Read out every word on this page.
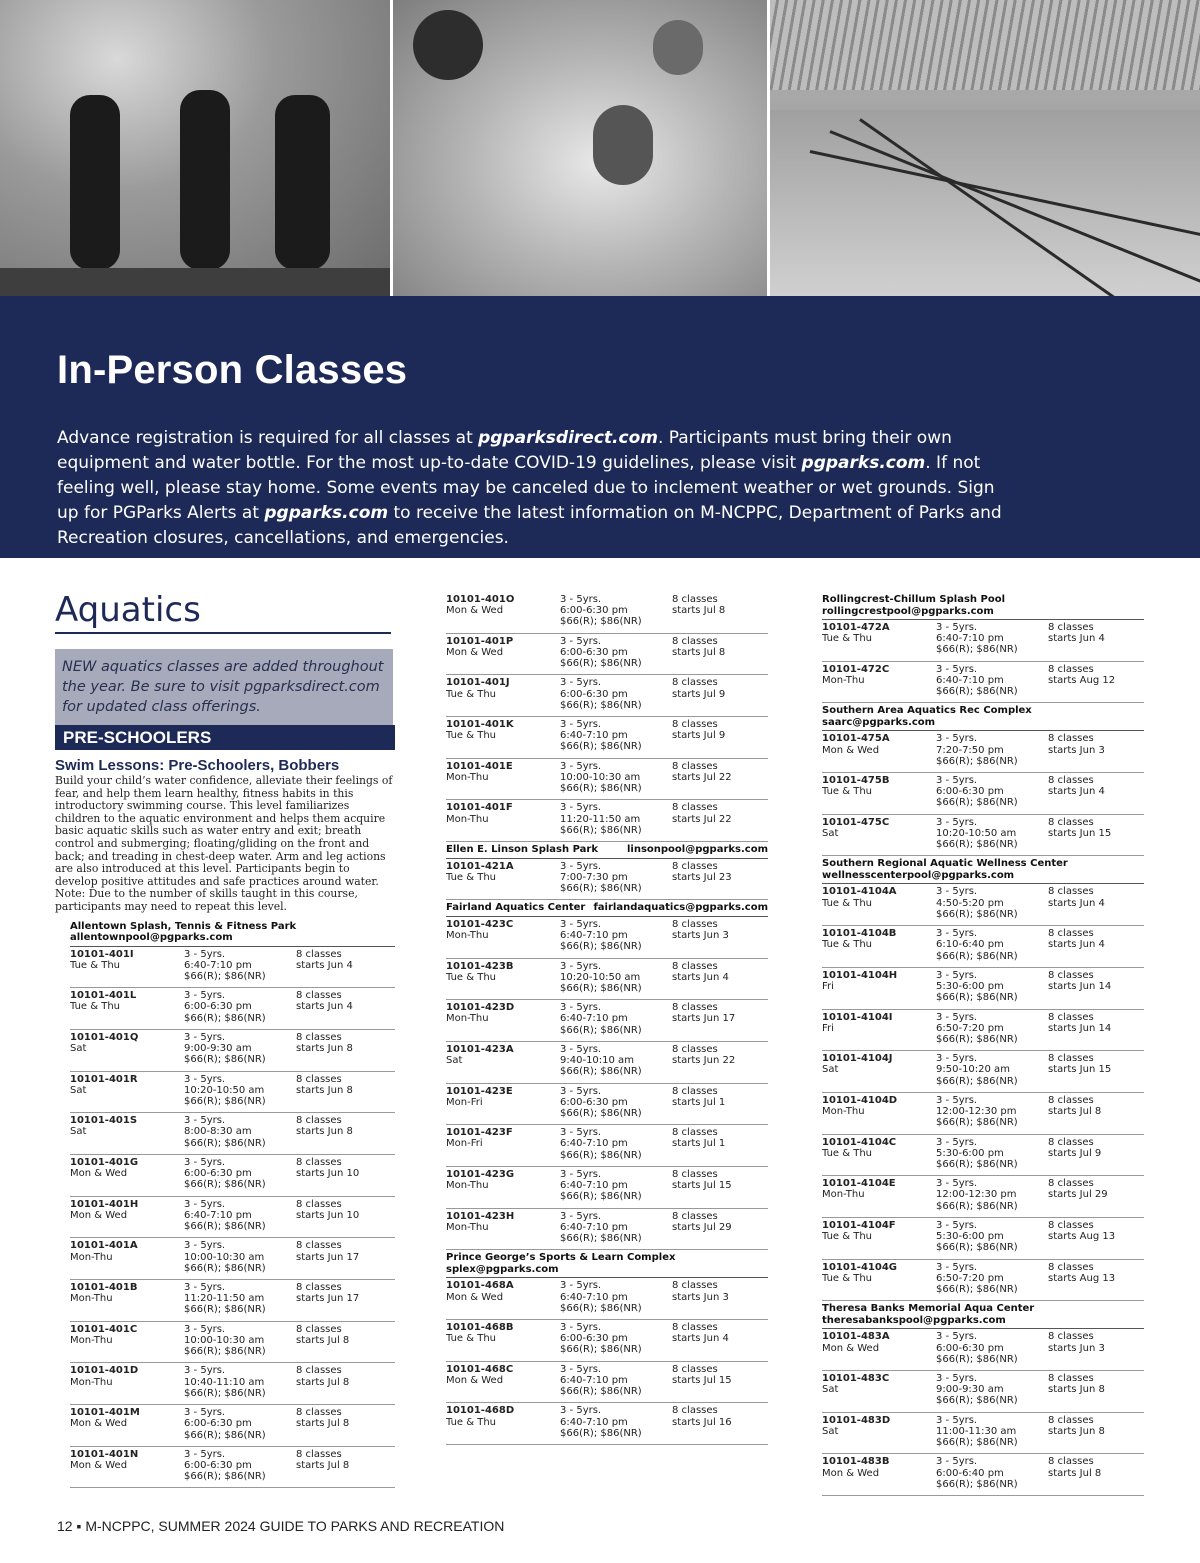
In-Person Classes

Advance registration is required for all classes at pgparksdirect.com. Participants must bring their own equipment and water bottle. For the most up-to-date COVID-19 guidelines, please visit pgparks.com. If not feeling well, please stay home. Some events may be canceled due to inclement weather or wet grounds. Sign up for PGParks Alerts at pgparks.com to receive the latest information on M-NCPPC, Department of Parks and Recreation closures, cancellations, and emergencies.

Aquatics
NEW aquatics classes are added throughout the year. Be sure to visit pgparksdirect.com for updated class offerings.
PRE-SCHOOLERS
Swim Lessons: Pre-Schoolers, Bobbers
Build your child’s water confidence, alleviate their feelings of fear, and help them learn healthy, fitness habits in this introductory swimming course. This level familiarizes children to the aquatic environment and helps them acquire basic aquatic skills such as water entry and exit; breath control and submerging; floating/gliding on the front and back; and treading in chest-deep water. Arm and leg actions are also introduced at this level. Participants begin to develop positive attitudes and safe practices around water. Note: Due to the number of skills taught in this course, participants may need to repeat this level.
Allentown Splash, Tennis & Fitness Park
allentownpool@pgparks.com
10101-401I
Tue & Thu
3 - 5yrs.
6:40-7:10 pm
$66(R); $86(NR)
8 classes
starts Jun 4
10101-401L
Tue & Thu
3 - 5yrs.
6:00-6:30 pm
$66(R); $86(NR)
8 classes
starts Jun 4
10101-401Q
Sat
3 - 5yrs.
9:00-9:30 am
$66(R); $86(NR)
8 classes
starts Jun 8
10101-401R
Sat
3 - 5yrs.
10:20-10:50 am
$66(R); $86(NR)
8 classes
starts Jun 8
10101-401S
Sat
3 - 5yrs.
8:00-8:30 am
$66(R); $86(NR)
8 classes
starts Jun 8
10101-401G
Mon & Wed
3 - 5yrs.
6:00-6:30 pm
$66(R); $86(NR)
8 classes
starts Jun 10
10101-401H
Mon & Wed
3 - 5yrs.
6:40-7:10 pm
$66(R); $86(NR)
8 classes
starts Jun 10
10101-401A
Mon-Thu
3 - 5yrs.
10:00-10:30 am
$66(R); $86(NR)
8 classes
starts Jun 17
10101-401B
Mon-Thu
3 - 5yrs.
11:20-11:50 am
$66(R); $86(NR)
8 classes
starts Jun 17
10101-401C
Mon-Thu
3 - 5yrs.
10:00-10:30 am
$66(R); $86(NR)
8 classes
starts Jul 8
10101-401D
Mon-Thu
3 - 5yrs.
10:40-11:10 am
$66(R); $86(NR)
8 classes
starts Jul 8
10101-401M
Mon & Wed
3 - 5yrs.
6:00-6:30 pm
$66(R); $86(NR)
8 classes
starts Jul 8
10101-401N
Mon & Wed
3 - 5yrs.
6:00-6:30 pm
$66(R); $86(NR)
8 classes
starts Jul 8
10101-401O
Mon & Wed
3 - 5yrs.
6:00-6:30 pm
$66(R); $86(NR)
8 classes
starts Jul 8
10101-401P
Mon & Wed
3 - 5yrs.
6:00-6:30 pm
$66(R); $86(NR)
8 classes
starts Jul 8
10101-401J
Tue & Thu
3 - 5yrs.
6:00-6:30 pm
$66(R); $86(NR)
8 classes
starts Jul 9
10101-401K
Tue & Thu
3 - 5yrs.
6:40-7:10 pm
$66(R); $86(NR)
8 classes
starts Jul 9
10101-401E
Mon-Thu
3 - 5yrs.
10:00-10:30 am
$66(R); $86(NR)
8 classes
starts Jul 22
10101-401F
Mon-Thu
3 - 5yrs.
11:20-11:50 am
$66(R); $86(NR)
8 classes
starts Jul 22
Ellen E. Linson Splash Park	linsonpool@pgparks.com
10101-421A
Tue & Thu
3 - 5yrs.
7:00-7:30 pm
$66(R); $86(NR)
8 classes
starts Jul 23
Fairland Aquatics Center fairlandaquatics@pgparks.com
10101-423C
Mon-Thu
3 - 5yrs.
6:40-7:10 pm
$66(R); $86(NR)
8 classes
starts Jun 3
10101-423B
Tue & Thu
3 - 5yrs.
10:20-10:50 am
$66(R); $86(NR)
8 classes
starts Jun 4
10101-423D
Mon-Thu
3 - 5yrs.
6:40-7:10 pm
$66(R); $86(NR)
8 classes
starts Jun 17
10101-423A
Sat
3 - 5yrs.
9:40-10:10 am
$66(R); $86(NR)
8 classes
starts Jun 22
10101-423E
Mon-Fri
3 - 5yrs.
6:00-6:30 pm
$66(R); $86(NR)
8 classes
starts Jul 1
10101-423F
Mon-Fri
3 - 5yrs.
6:40-7:10 pm
$66(R); $86(NR)
8 classes
starts Jul 1
10101-423G
Mon-Thu
3 - 5yrs.
6:40-7:10 pm
$66(R); $86(NR)
8 classes
starts Jul 15
10101-423H
Mon-Thu
3 - 5yrs.
6:40-7:10 pm
$66(R); $86(NR)
8 classes
starts Jul 29
Prince George’s Sports & Learn Complex
splex@pgparks.com
10101-468A
Mon & Wed
3 - 5yrs.
6:40-7:10 pm
$66(R); $86(NR)
8 classes
starts Jun 3
10101-468B
Tue & Thu
3 - 5yrs.
6:00-6:30 pm
$66(R); $86(NR)
8 classes
starts Jun 4
10101-468C
Mon & Wed
3 - 5yrs.
6:40-7:10 pm
$66(R); $86(NR)
8 classes
starts Jul 15
10101-468D
Tue & Thu
3 - 5yrs.
6:40-7:10 pm
$66(R); $86(NR)
8 classes
starts Jul 16
Rollingcrest-Chillum Splash Pool
rollingcrestpool@pgparks.com
10101-472A
Tue & Thu
3 - 5yrs.
6:40-7:10 pm
$66(R); $86(NR)
8 classes
starts Jun 4
10101-472C
Mon-Thu
3 - 5yrs.
6:40-7:10 pm
$66(R); $86(NR)
8 classes
starts Aug 12
Southern Area Aquatics Rec Complex
saarc@pgparks.com
10101-475A
Mon & Wed
3 - 5yrs.
7:20-7:50 pm
$66(R); $86(NR)
8 classes
starts Jun 3
10101-475B
Tue & Thu
3 - 5yrs.
6:00-6:30 pm
$66(R); $86(NR)
8 classes
starts Jun 4
10101-475C
Sat
3 - 5yrs.
10:20-10:50 am
$66(R); $86(NR)
8 classes
starts Jun 15
Southern Regional Aquatic Wellness Center
wellnesscenterpool@pgparks.com
10101-4104A
Tue & Thu
3 - 5yrs.
4:50-5:20 pm
$66(R); $86(NR)
8 classes
starts Jun 4
10101-4104B
Tue & Thu
3 - 5yrs.
6:10-6:40 pm
$66(R); $86(NR)
8 classes
starts Jun 4
10101-4104H
Fri
3 - 5yrs.
5:30-6:00 pm
$66(R); $86(NR)
8 classes
starts Jun 14
10101-4104I
Fri
3 - 5yrs.
6:50-7:20 pm
$66(R); $86(NR)
8 classes
starts Jun 14
10101-4104J
Sat
3 - 5yrs.
9:50-10:20 am
$66(R); $86(NR)
8 classes
starts Jun 15
10101-4104D
Mon-Thu
3 - 5yrs.
12:00-12:30 pm
$66(R); $86(NR)
8 classes
starts Jul 8
10101-4104C
Tue & Thu
3 - 5yrs.
5:30-6:00 pm
$66(R); $86(NR)
8 classes
starts Jul 9
10101-4104E
Mon-Thu
3 - 5yrs.
12:00-12:30 pm
$66(R); $86(NR)
8 classes
starts Jul 29
10101-4104F
Tue & Thu
3 - 5yrs.
5:30-6:00 pm
$66(R); $86(NR)
8 classes
starts Aug 13
10101-4104G
Tue & Thu
3 - 5yrs.
6:50-7:20 pm
$66(R); $86(NR)
8 classes
starts Aug 13
Theresa Banks Memorial Aqua Center
theresabankspool@pgparks.com
10101-483A
Mon & Wed
3 - 5yrs.
6:00-6:30 pm
$66(R); $86(NR)
8 classes
starts Jun 3
10101-483C
Sat
3 - 5yrs.
9:00-9:30 am
$66(R); $86(NR)
8 classes
starts Jun 8
10101-483D
Sat
3 - 5yrs.
11:00-11:30 am
$66(R); $86(NR)
8 classes
starts Jun 8
10101-483B
Mon & Wed
3 - 5yrs.
6:00-6:40 pm
$66(R); $86(NR)
8 classes
starts Jul 8
12 ▪ M-NCPPC, SUMMER 2024 GUIDE TO PARKS AND RECREATION
